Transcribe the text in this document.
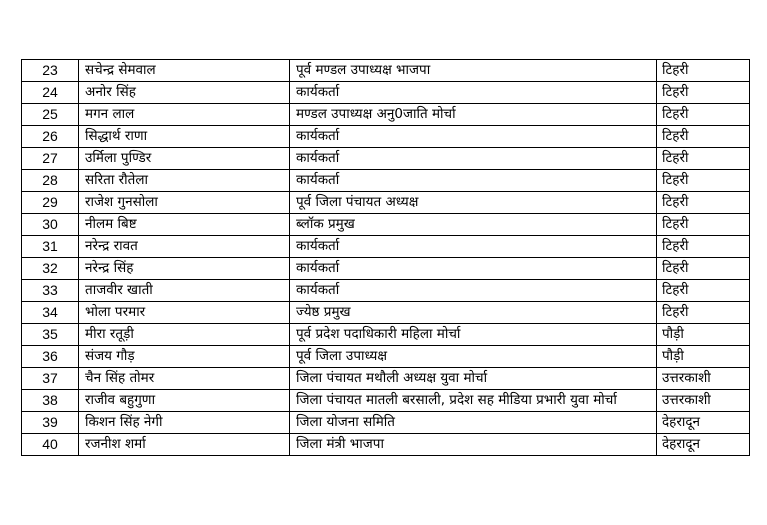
23	सचेन्द्र सेमवाल	पूर्व मण्डल उपाध्यक्ष भाजपा	टिहरी
24	अनोर सिंह	कार्यकर्ता	टिहरी
25	मगन लाल	मण्डल उपाध्यक्ष अनु0जाति मोर्चा	टिहरी
26	सिद्धार्थ राणा	कार्यकर्ता	टिहरी
27	उर्मिला पुण्डिर	कार्यकर्ता	टिहरी
28	सरिता रौतेला	कार्यकर्ता	टिहरी
29	राजेश गुनसोला	पूर्व जिला पंचायत अध्यक्ष	टिहरी
30	नीलम बिष्ट	ब्लॉक प्रमुख	टिहरी
31	नरेन्द्र रावत	कार्यकर्ता	टिहरी
32	नरेन्द्र सिंह	कार्यकर्ता	टिहरी
33	ताजवीर खाती	कार्यकर्ता	टिहरी
34	भोला परमार	ज्येष्ठ प्रमुख	टिहरी
35	मीरा रतूड़ी	पूर्व प्रदेश पदाधिकारी महिला मोर्चा	पौड़ी
36	संजय गौड़	पूर्व जिला उपाध्यक्ष	पौड़ी
37	चैन सिंह तोमर	जिला पंचायत मथौली अध्यक्ष युवा मोर्चा	उत्तरकाशी
38	राजीव बहुगुणा	जिला पंचायत मातली बरसाली, प्रदेश सह मीडिया प्रभारी युवा मोर्चा	उत्तरकाशी
39	किशन सिंह नेगी	जिला योजना समिति	देहरादून
40	रजनीश शर्मा	जिला मंत्री भाजपा	देहरादून
